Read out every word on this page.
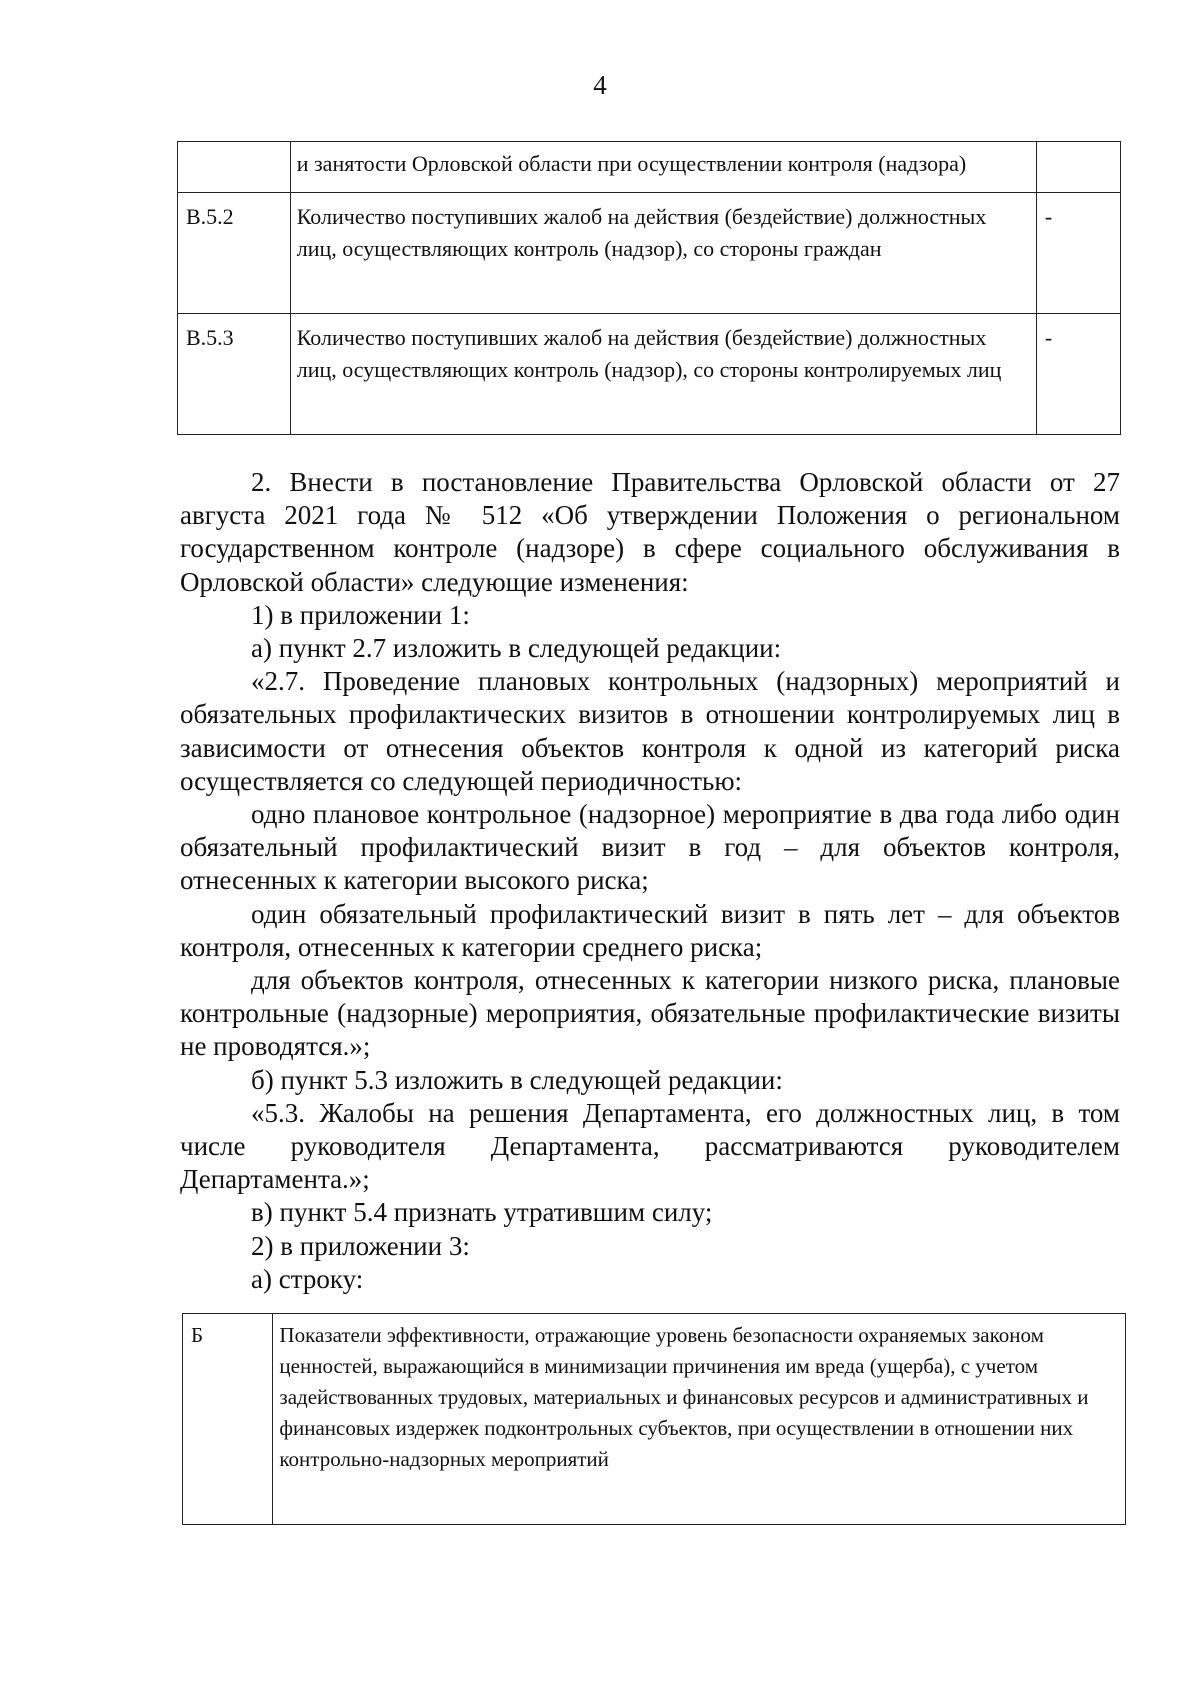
4
	и занятости Орловской области при осуществлении контроля (надзора)	
В.5.2	Количество поступивших жалоб на действия (бездействие) должностных лиц, осуществляющих контроль (надзор), со стороны граждан	-
В.5.3	Количество поступивших жалоб на действия (бездействие) должностных лиц, осуществляющих контроль (надзор), со стороны контролируемых лиц	-

2. Внести в постановление Правительства Орловской области от 27 августа 2021 года № 512 «Об утверждении Положения о региональном государственном контроле (надзоре) в сфере социального обслуживания в Орловской области» следующие изменения:

1) в приложении 1:

а) пункт 2.7 изложить в следующей редакции:

«2.7. Проведение плановых контрольных (надзорных) мероприятий и обязательных профилактических визитов в отношении контролируемых лиц в зависимости от отнесения объектов контроля к одной из категорий риска осуществляется со следующей периодичностью:

одно плановое контрольное (надзорное) мероприятие в два года либо один обязательный профилактический визит в год – для объектов контроля, отнесенных к категории высокого риска;

один обязательный профилактический визит в пять лет – для объектов контроля, отнесенных к категории среднего риска;

для объектов контроля, отнесенных к категории низкого риска, плановые контрольные (надзорные) мероприятия, обязательные профилактические визиты не проводятся.»;

б) пункт 5.3 изложить в следующей редакции:

«5.3. Жалобы на решения Департамента, его должностных лиц, в том числе руководителя Департамента, рассматриваются руководителем Департамента.»;

в) пункт 5.4 признать утратившим силу;

2) в приложении 3:

а) строку:

Б	Показатели эффективности, отражающие уровень безопасности охраняемых законом ценностей, выражающийся в минимизации причинения им вреда (ущерба), с учетом задействованных трудовых, материальных и финансовых ресурсов и административных и финансовых издержек подконтрольных субъектов, при осуществлении в отношении них контрольно-надзорных мероприятий
